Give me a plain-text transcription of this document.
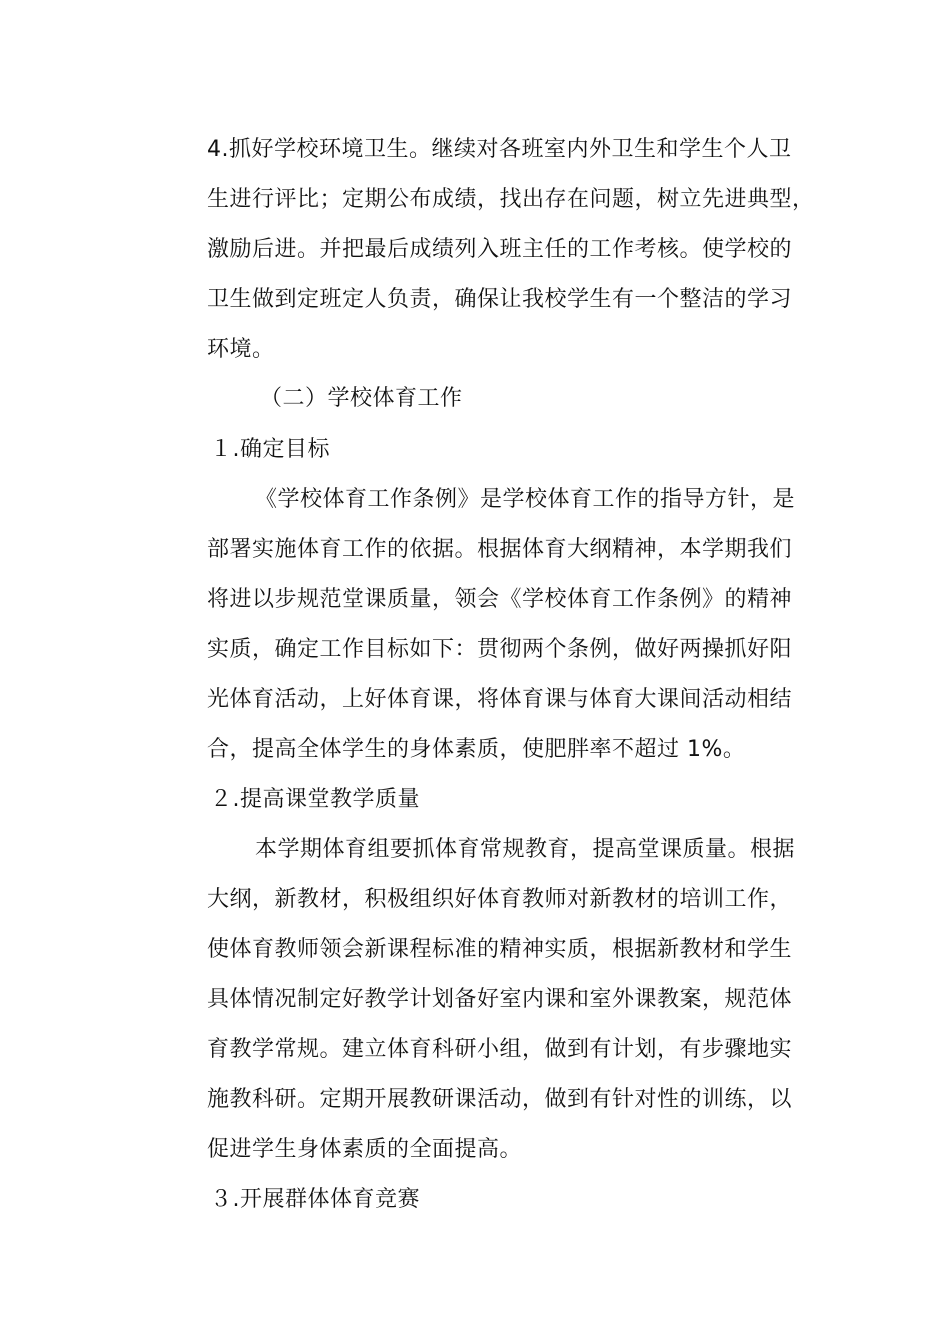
4.抓好学校环境卫生。继续对各班室内外卫生和学生个人卫
生进行评比；定期公布成绩，找出存在问题，树立先进典型，
激励后进。并把最后成绩列入班主任的工作考核。使学校的
卫生做到定班定人负责，确保让我校学生有一个整洁的学习
环境。
（二）学校体育工作
１.确定目标
《学校体育工作条例》是学校体育工作的指导方针，是
部署实施体育工作的依据。根据体育大纲精神，本学期我们
将进以步规范堂课质量，领会《学校体育工作条例》的精神
实质，确定工作目标如下：贯彻两个条例，做好两操抓好阳
光体育活动，上好体育课，将体育课与体育大课间活动相结
合，提高全体学生的身体素质，使肥胖率不超过 1%。
２.提高课堂教学质量
本学期体育组要抓体育常规教育，提高堂课质量。根据
大纲，新教材，积极组织好体育教师对新教材的培训工作，
使体育教师领会新课程标准的精神实质，根据新教材和学生
具体情况制定好教学计划备好室内课和室外课教案，规范体
育教学常规。建立体育科研小组，做到有计划，有步骤地实
施教科研。定期开展教研课活动，做到有针对性的训练，以
促进学生身体素质的全面提高。
３.开展群体体育竞赛
